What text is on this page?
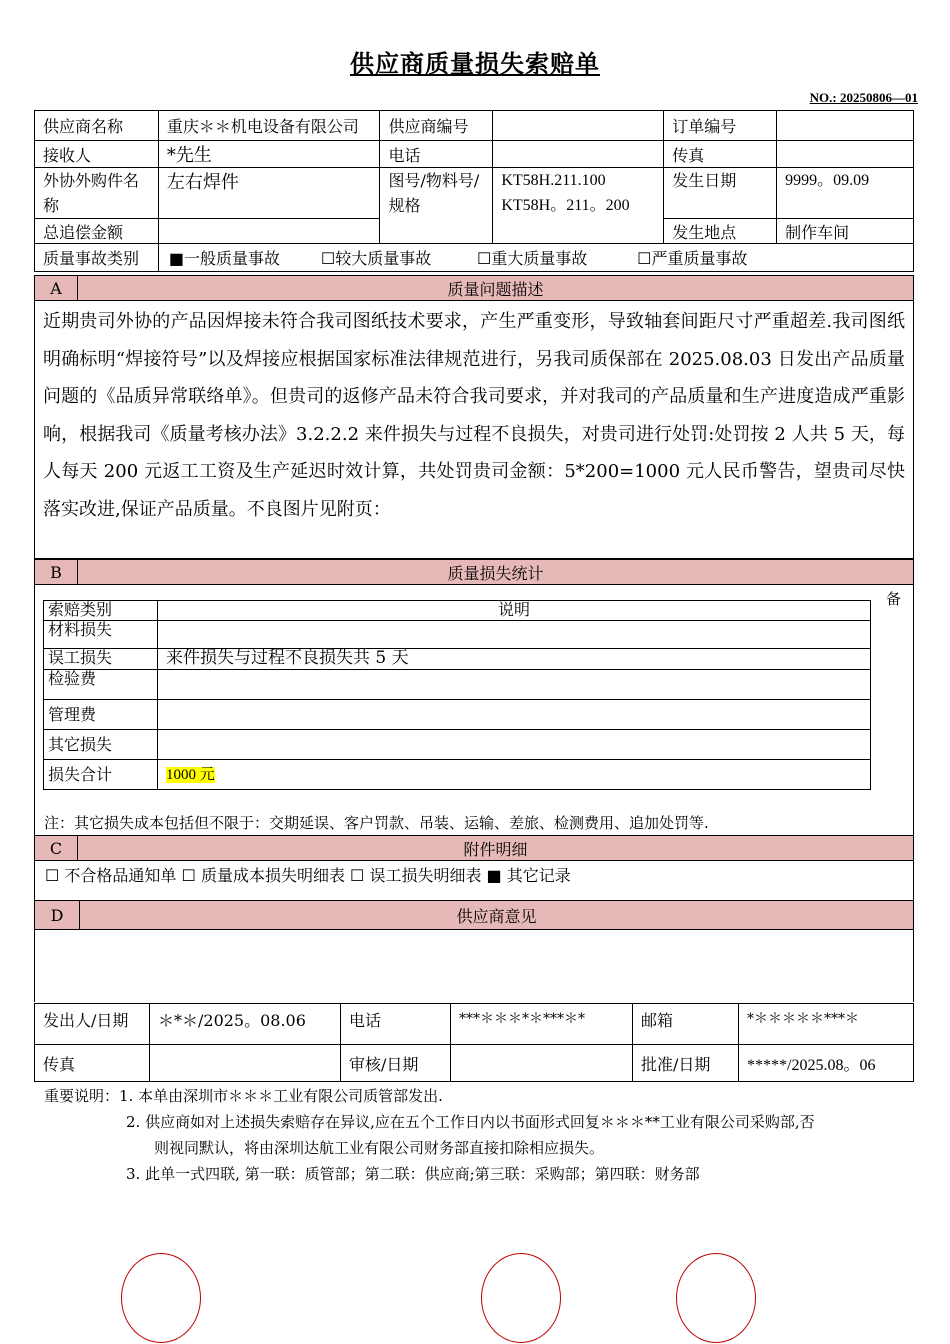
供应商质量损失索赔单
NO.: 20250806—01
供应商名称	重庆＊＊机电设备有限公司	供应商编号		订单编号	
接收人	*先生	电话		传真	
外协外购件名称	左右焊件	图号/物料号/规格	KT58H.211.100
KT58H。211。200	发生日期	9999。09.09
总追偿金额				发生地点	制作车间
质量事故类别	■一般质量事故 ☐较大质量事故 ☐重大质量事故 ☐严重质量事故				
A	质量问题描述
近期贵司外协的产品因焊接未符合我司图纸技术要求，产生严重变形，导致轴套间距尺寸严重超差.我司图纸明确标明“焊接符号”以及焊接应根据国家标准法律规范进行，另我司质保部在 2025.08.03 日发出产品质量问题的《品质异常联络单》。但贵司的返修产品未符合我司要求，并对我司的产品质量和生产进度造成严重影响，根据我司《质量考核办法》3.2.2.2 来件损失与过程不良损失，对贵司进行处罚:处罚按 2 人共 5 天，每人每天 200 元返工工资及生产延迟时效计算，共处罚贵司金额：5*200=1000 元人民币警告，望贵司尽快落实改进,保证产品质量。不良图片见附页：
B	质量损失统计

备
索赔类别	说明
材料损失	
误工损失	来件损失与过程不良损失共 5 天
检验费	
管理费	
其它损失	
损失合计	1000 元
注：其它损失成本包括但不限于：交期延误、客户罚款、吊装、运输、差旅、检测费用、追加处罚等.
C	附件明细
☐ 不合格品通知单 ☐ 质量成本损失明细表 ☐ 误工损失明细表 ■ 其它记录
D	供应商意见

发出人/日期	＊*＊/2025。08.06	电话	***＊＊＊*＊***＊*	邮箱	*＊＊＊＊＊***＊
传真		审核/日期		批准/日期	*****/2025.08。06
重要说明：1. 本单由深圳市＊＊＊工业有限公司质管部发出.
2. 供应商如对上述损失索赔存在异议,应在五个工作日内以书面形式回复＊＊＊**工业有限公司采购部,否
则视同默认，将由深圳达航工业有限公司财务部直接扣除相应损失。
3. 此单一式四联, 第一联：质管部；第二联：供应商;第三联：采购部；第四联：财务部
